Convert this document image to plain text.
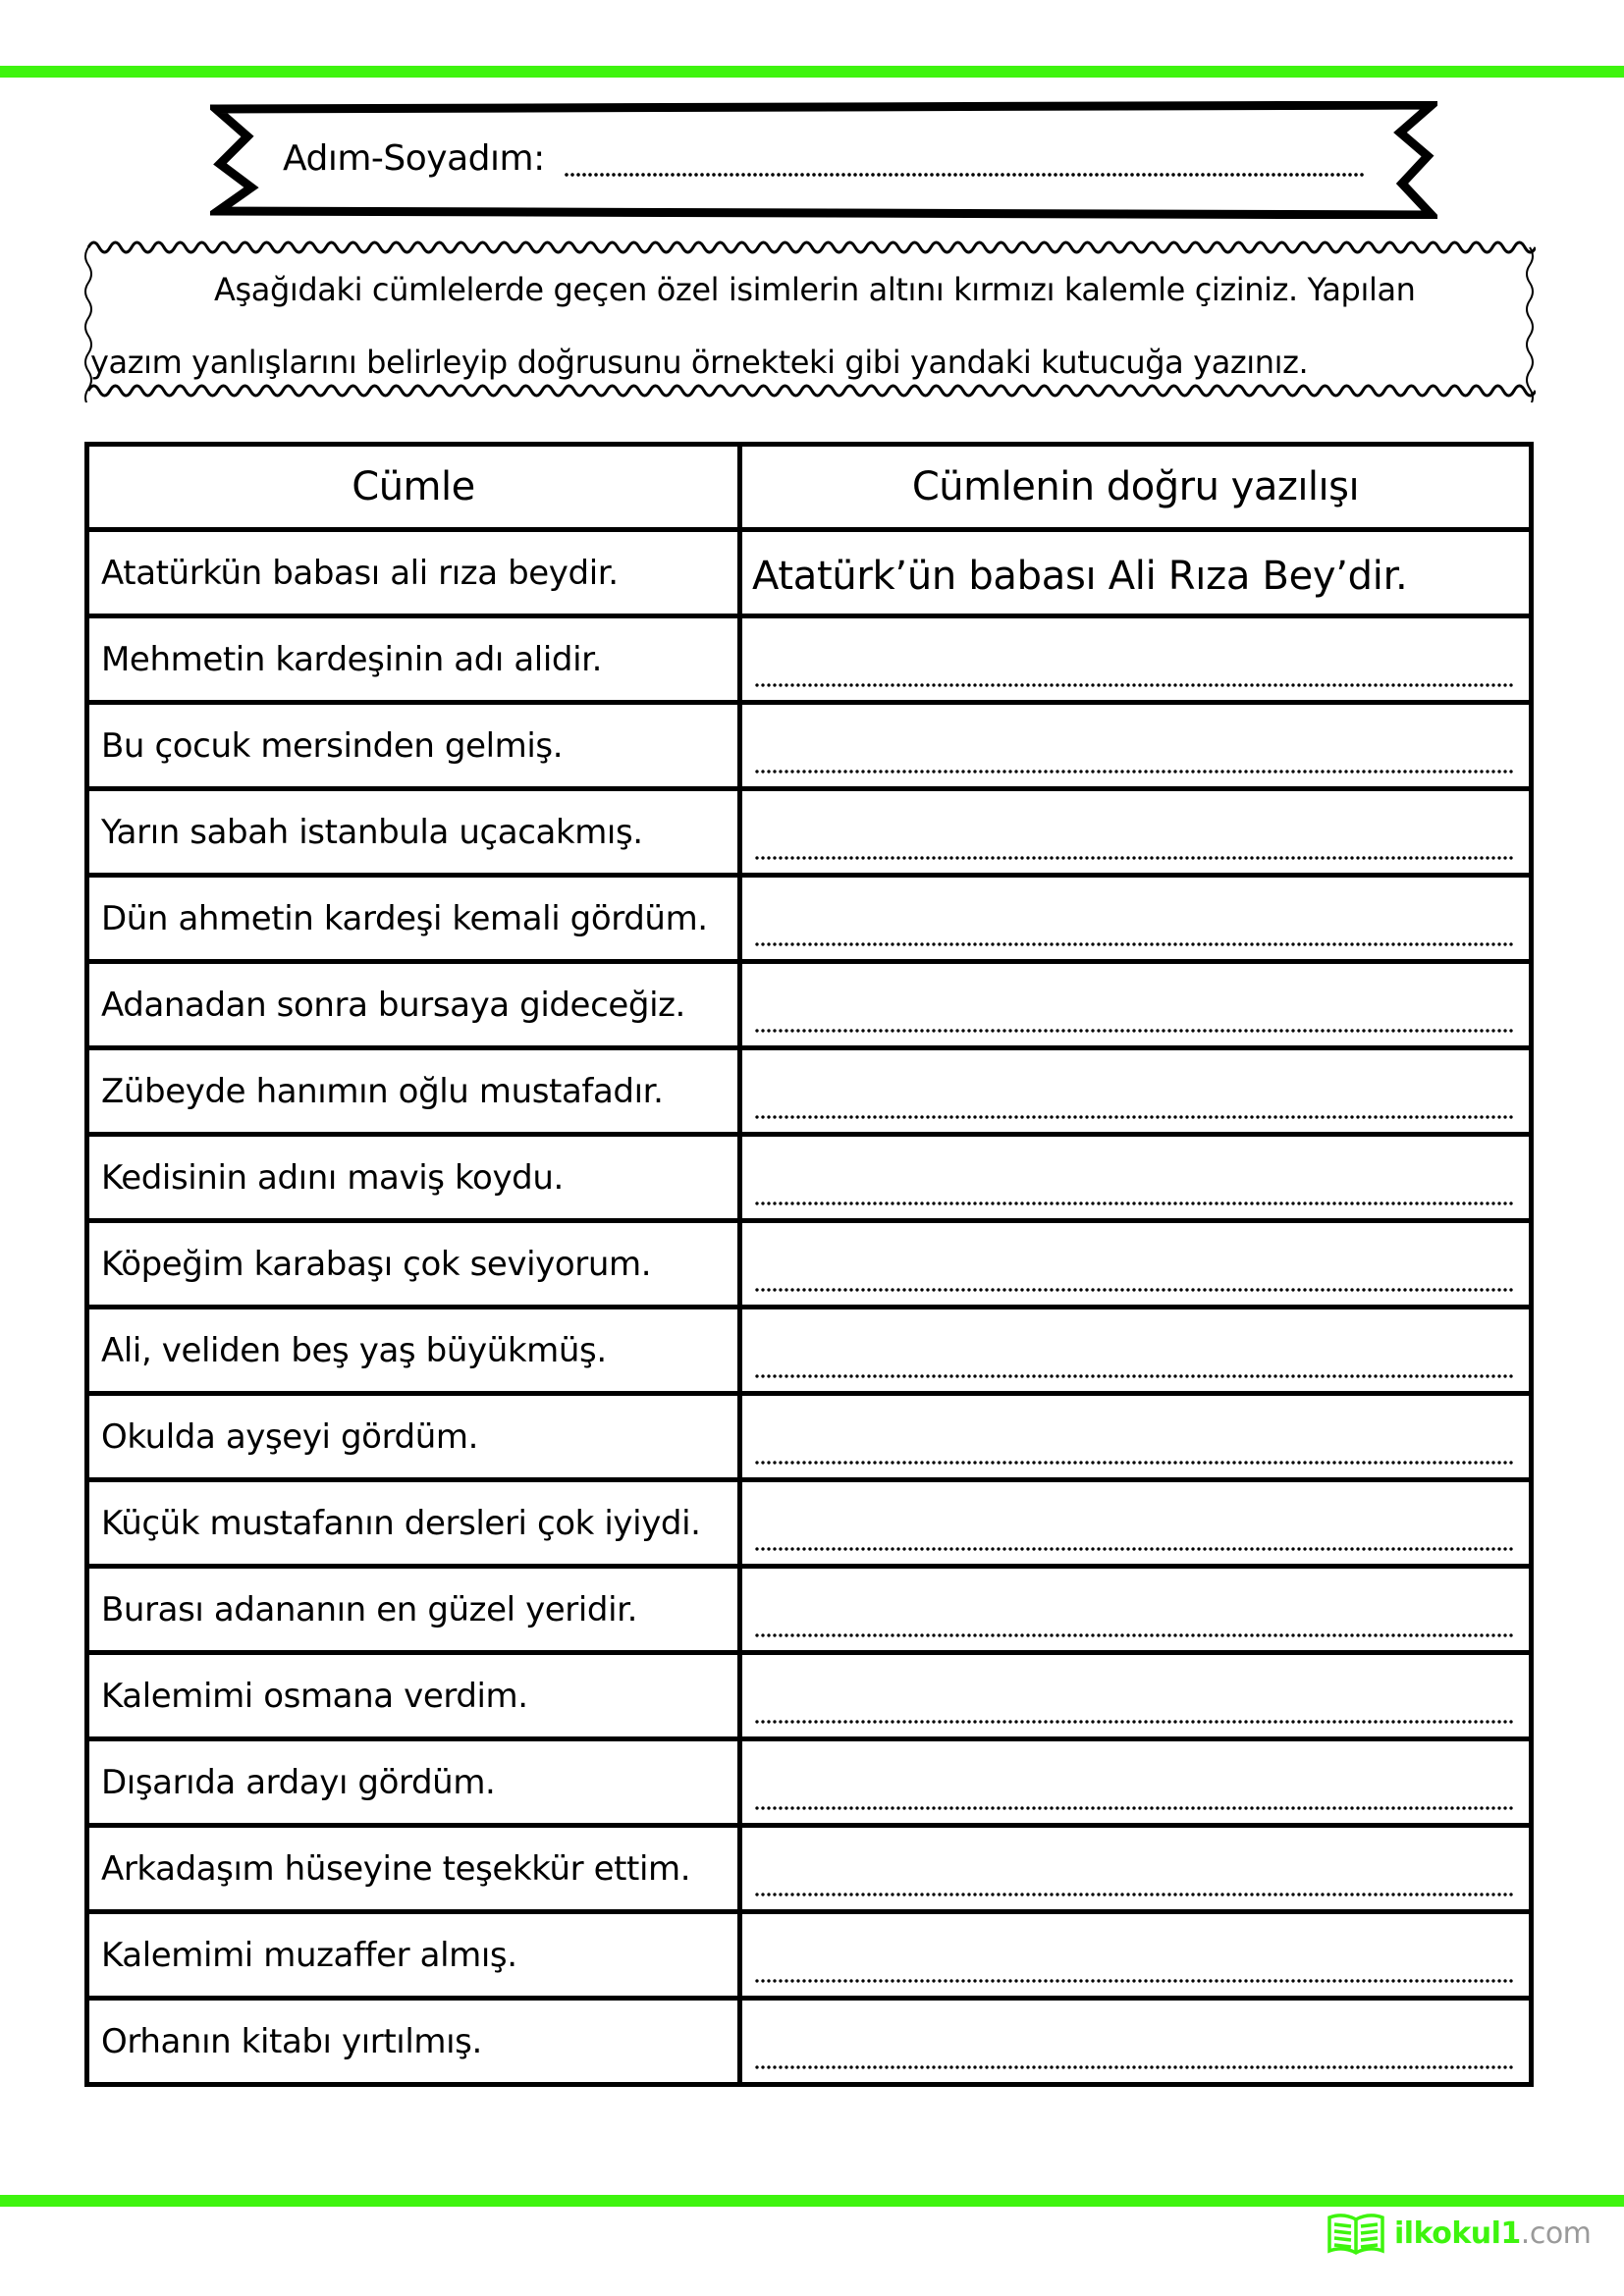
Adım-Soyadım:
Aşağıdaki cümlelerde geçen özel isimlerin altını kırmızı kalemle çiziniz. Yapılan
yazım yanlışlarını belirleyip doğrusunu örnekteki gibi yandaki kutucuğa yazınız.
Cümle	Cümlenin doğru yazılışı
Atatürkün babası ali rıza beydir.	Atatürk’ün babası Ali Rıza Bey’dir.

Mehmetin kardeşinin adı alidir.	

Bu çocuk mersinden gelmiş.	

Yarın sabah istanbula uçacakmış.	

Dün ahmetin kardeşi kemali gördüm.	

Adanadan sonra bursaya gideceğiz.	

Zübeyde hanımın oğlu mustafadır.	

Kedisinin adını maviş koydu.	

Köpeğim karabaşı çok seviyorum.	

Ali, veliden beş yaş büyükmüş.	

Okulda ayşeyi gördüm.	

Küçük mustafanın dersleri çok iyiydi.	

Burası adananın en güzel yeridir.	

Kalemimi osmana verdim.	

Dışarıda ardayı gördüm.	

Arkadaşım hüseyine teşekkür ettim.	

Kalemimi muzaffer almış.	

Orhanın kitabı yırtılmış.	
ilkokul1.com
